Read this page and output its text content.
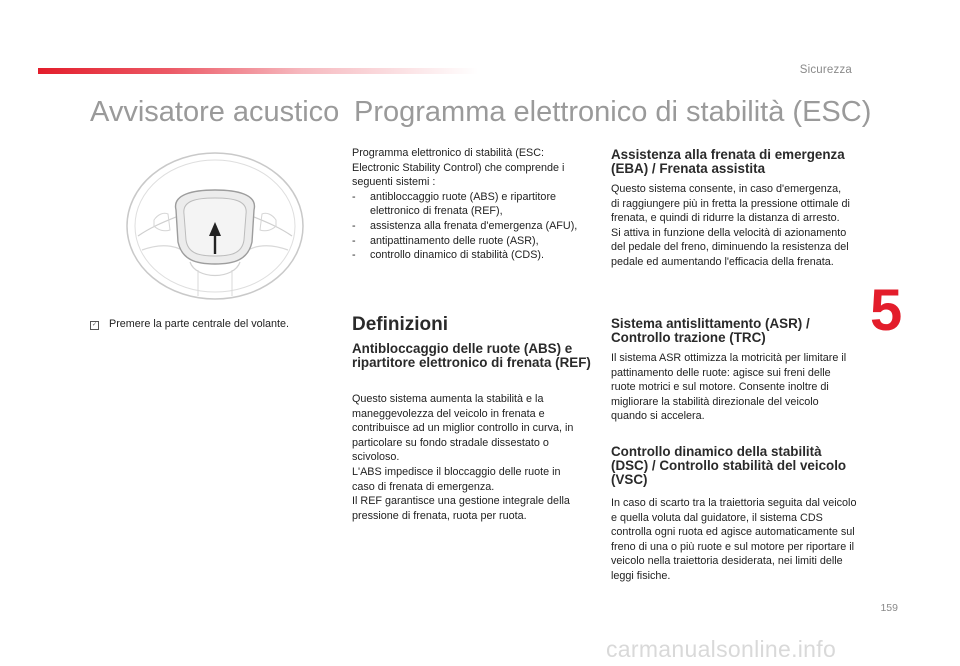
Sicurezza
5
159
Avvisatore acustico
✓ Premere la parte centrale del volante.
Programma elettronico di stabilità (ESC)

Programma elettronico di stabilità (ESC: Electronic Stability Control) che comprende i seguenti sistemi :

- antibloccaggio ruote (ABS) e ripartitore elettronico di frenata (REF),
- assistenza alla frenata d'emergenza (AFU),
- antipattinamento delle ruote (ASR),
- controllo dinamico di stabilità (CDS).
Definizioni
Antibloccaggio delle ruote (ABS) e ripartitore elettronico di frenata (REF)

Questo sistema aumenta la stabilità e la maneggevolezza del veicolo in frenata e contribuisce ad un miglior controllo in curva, in particolare su fondo stradale dissestato o scivoloso.

L'ABS impedisce il bloccaggio delle ruote in caso di frenata di emergenza.

Il REF garantisce una gestione integrale della pressione di frenata, ruota per ruota.

Assistenza alla frenata di emergenza (EBA) / Frenata assistita

Questo sistema consente, in caso d'emergenza, di raggiungere più in fretta la pressione ottimale di frenata, e quindi di ridurre la distanza di arresto.

Si attiva in funzione della velocità di azionamento del pedale del freno, diminuendo la resistenza del pedale ed aumentando l'efficacia della frenata.

Sistema antislittamento (ASR) / Controllo trazione (TRC)

Il sistema ASR ottimizza la motricità per limitare il pattinamento delle ruote: agisce sui freni delle ruote motrici e sul motore. Consente inoltre di migliorare la stabilità direzionale del veicolo quando si accelera.

Controllo dinamico della stabilità (DSC) / Controllo stabilità del veicolo (VSC)

In caso di scarto tra la traiettoria seguita dal veicolo e quella voluta dal guidatore, il sistema CDS controlla ogni ruota ed agisce automaticamente sul freno di una o più ruote e sul motore per riportare il veicolo nella traiettoria desiderata, nei limiti delle leggi fisiche.

carmanualsonline.info
